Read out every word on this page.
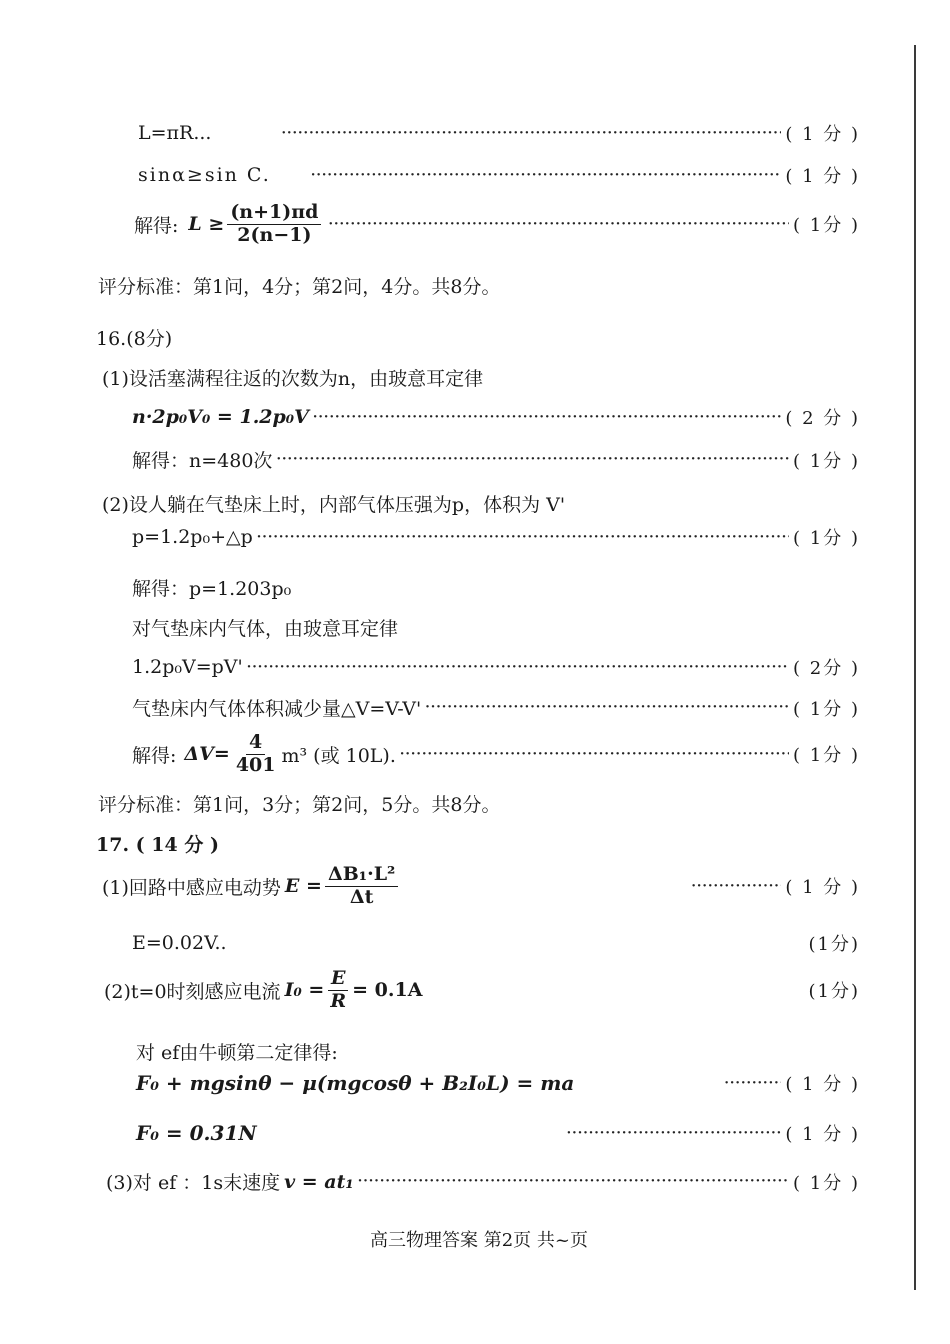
L=πR... ·····	( 1 分 )
sinα≥sin C. ·····	( 1 分 )
解得: $L \ge \frac{(n+1)\pi d}{2(n-1)}$ ·····	( 1分 )
评分标准：第1问，4分；第2问，4分。共8分。
16.(8分)
(1)设活塞满程往返的次数为n，由玻意耳定律
n·2p₀V₀ = 1.2p₀V ·····	( 2 分 )
解得：n=480次 ·····	( 1分 )
(2)设人躺在气垫床上时，内部气体压强为p，体积为 V'
p=1.2p₀+△p ·····	( 1分 )
解得：p=1.203p₀
对气垫床内气体，由玻意耳定律
1.2p₀V=pV' ·····	( 2分 )
气垫床内气体体积减少量△V=V-V' ·····	( 1分 )
解得: $\Delta V= \frac{4}{401} m^3$ (或 10L). ·····	( 1分 )
评分标准：第1问，3分；第2问，5分。共8分。
17. ( 14 分 )
(1)回路中感应电动势 $E = \frac{\text{ΔB₁·L²}}{\Delta t}$ ·····	( 1 分 )
E=0.02V..	(1分)
(2)t=0时刻感应电流 $I_0 = \frac{E}{R} = 0.1A$	(1分)
对 ef由牛顿第二定律得:
F₀ + mgsinθ − μ(mgcosθ + B₂I₀L) = ma ·····	( 1 分 )
F₀ = 0.31N ·····	( 1 分 )
(3)对 ef ：1s末速度 v = at₁ ·····	( 1分 )
高三物理答案 第2页 共~页
